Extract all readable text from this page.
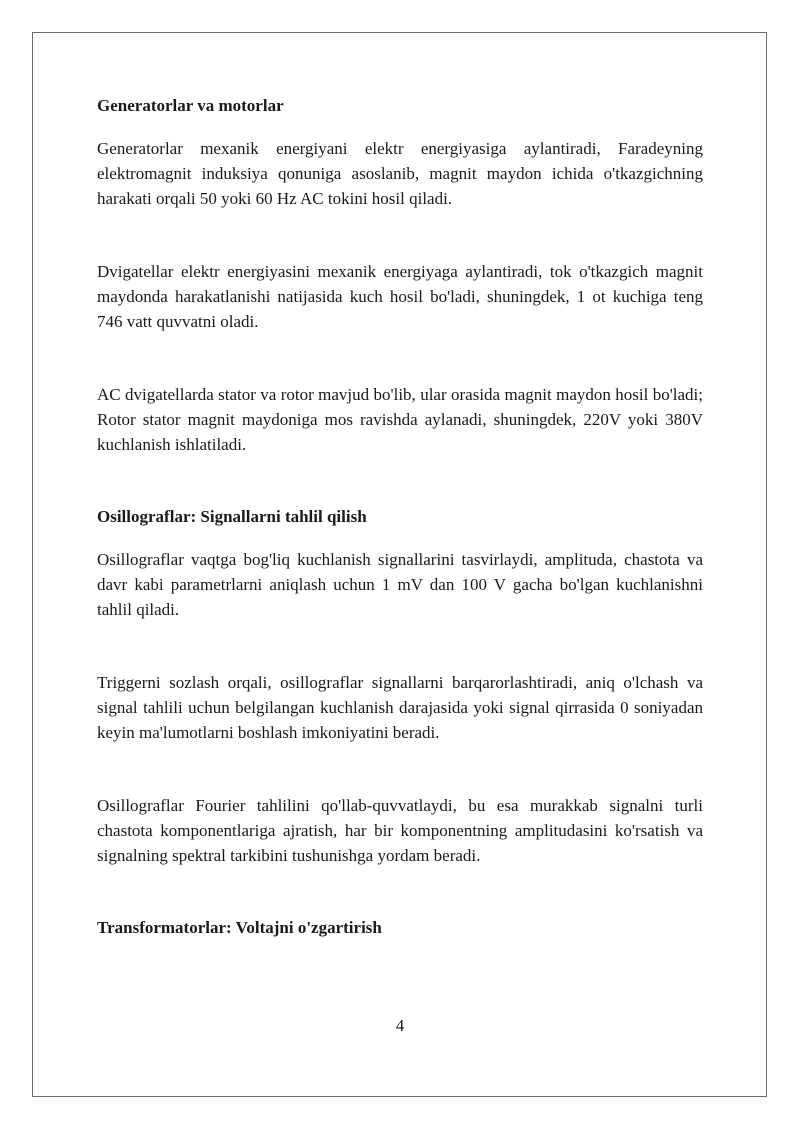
Generatorlar va motorlar

Generatorlar mexanik energiyani elektr energiyasiga aylantiradi, Faradeyning elektromagnit induksiya qonuniga asoslanib, magnit maydon ichida o'tkazgichning harakati orqali 50 yoki 60 Hz AC tokini hosil qiladi.

Dvigatellar elektr energiyasini mexanik energiyaga aylantiradi, tok o'tkazgich magnit maydonda harakatlanishi natijasida kuch hosil bo'ladi, shuningdek, 1 ot kuchiga teng 746 vatt quvvatni oladi.

AC dvigatellarda stator va rotor mavjud bo'lib, ular orasida magnit maydon hosil bo'ladi; Rotor stator magnit maydoniga mos ravishda aylanadi, shuningdek, 220V yoki 380V kuchlanish ishlatiladi.

Osillograflar: Signallarni tahlil qilish

Osillograflar vaqtga bog'liq kuchlanish signallarini tasvirlaydi, amplituda, chastota va davr kabi parametrlarni aniqlash uchun 1 mV dan 100 V gacha bo'lgan kuchlanishni tahlil qiladi.

Triggerni sozlash orqali, osillograflar signallarni barqarorlashtiradi, aniq o'lchash va signal tahlili uchun belgilangan kuchlanish darajasida yoki signal qirrasida 0 soniyadan keyin ma'lumotlarni boshlash imkoniyatini beradi.

Osillograflar Fourier tahlilini qo'llab-quvvatlaydi, bu esa murakkab signalni turli chastota komponentlariga ajratish, har bir komponentning amplitudasini ko'rsatish va signalning spektral tarkibini tushunishga yordam beradi.

Transformatorlar: Voltajni o'zgartirish
4
